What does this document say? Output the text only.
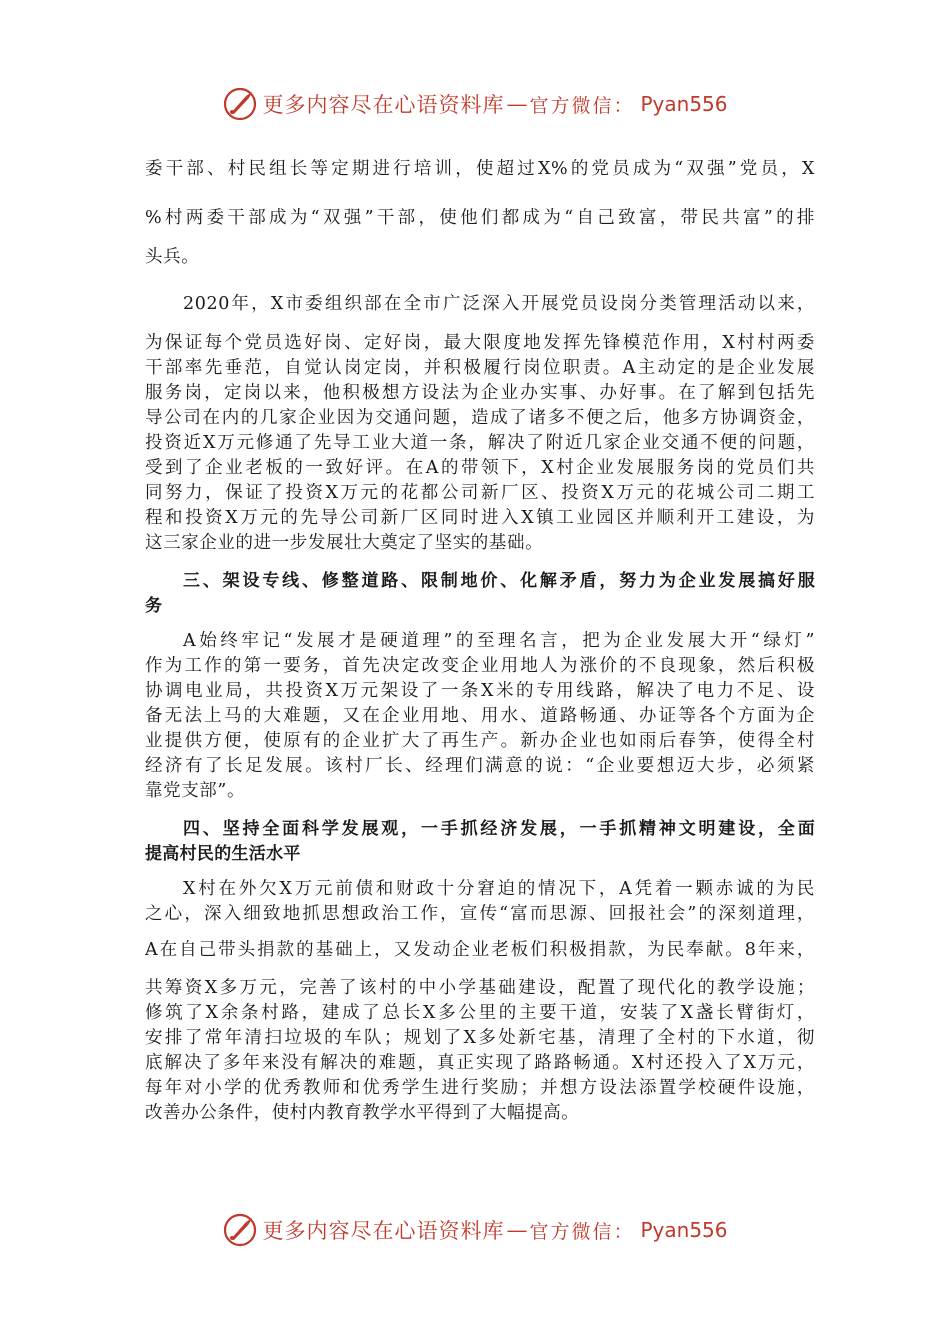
更多内容尽在心语资料库 — 官方微信： Pyan556
委干部、村民组长等定期进行培训，使超过X%的党员成为“双强”党员，X
%村两委干部成为“双强”干部，使他们都成为“自己致富，带民共富”的排
头兵。
2020年，X市委组织部在全市广泛深入开展党员设岗分类管理活动以来，
为保证每个党员选好岗、定好岗，最大限度地发挥先锋模范作用，X村村两委
干部率先垂范，自觉认岗定岗，并积极履行岗位职责。A主动定的是企业发展
服务岗，定岗以来，他积极想方设法为企业办实事、办好事。在了解到包括先
导公司在内的几家企业因为交通问题，造成了诸多不便之后，他多方协调资金，
投资近X万元修通了先导工业大道一条，解决了附近几家企业交通不便的问题，
受到了企业老板的一致好评。在A的带领下，X村企业发展服务岗的党员们共
同努力，保证了投资X万元的花都公司新厂区、投资X万元的花城公司二期工
程和投资X万元的先导公司新厂区同时进入X镇工业园区并顺利开工建设，为
这三家企业的进一步发展壮大奠定了坚实的基础。
三、架设专线、修整道路、限制地价、化解矛盾，努力为企业发展搞好服
务
A始终牢记“发展才是硬道理”的至理名言，把为企业发展大开“绿灯”
作为工作的第一要务，首先决定改变企业用地人为涨价的不良现象，然后积极
协调电业局，共投资X万元架设了一条X米的专用线路，解决了电力不足、设
备无法上马的大难题，又在企业用地、用水、道路畅通、办证等各个方面为企
业提供方便，使原有的企业扩大了再生产。新办企业也如雨后春笋，使得全村
经济有了长足发展。该村厂长、经理们满意的说：“企业要想迈大步，必须紧
靠党支部”。
四、坚持全面科学发展观，一手抓经济发展，一手抓精神文明建设，全面
提高村民的生活水平
X村在外欠X万元前债和财政十分窘迫的情况下，A凭着一颗赤诚的为民
之心，深入细致地抓思想政治工作，宣传“富而思源、回报社会”的深刻道理，
A在自己带头捐款的基础上，又发动企业老板们积极捐款，为民奉献。8年来，
共筹资X多万元，完善了该村的中小学基础建设，配置了现代化的教学设施；
修筑了X余条村路，建成了总长X多公里的主要干道，安装了X盏长臂街灯，
安排了常年清扫垃圾的车队；规划了X多处新宅基，清理了全村的下水道，彻
底解决了多年来没有解决的难题，真正实现了路路畅通。X村还投入了X万元，
每年对小学的优秀教师和优秀学生进行奖励；并想方设法添置学校硬件设施，
改善办公条件，使村内教育教学水平得到了大幅提高。
更多内容尽在心语资料库 — 官方微信： Pyan556
